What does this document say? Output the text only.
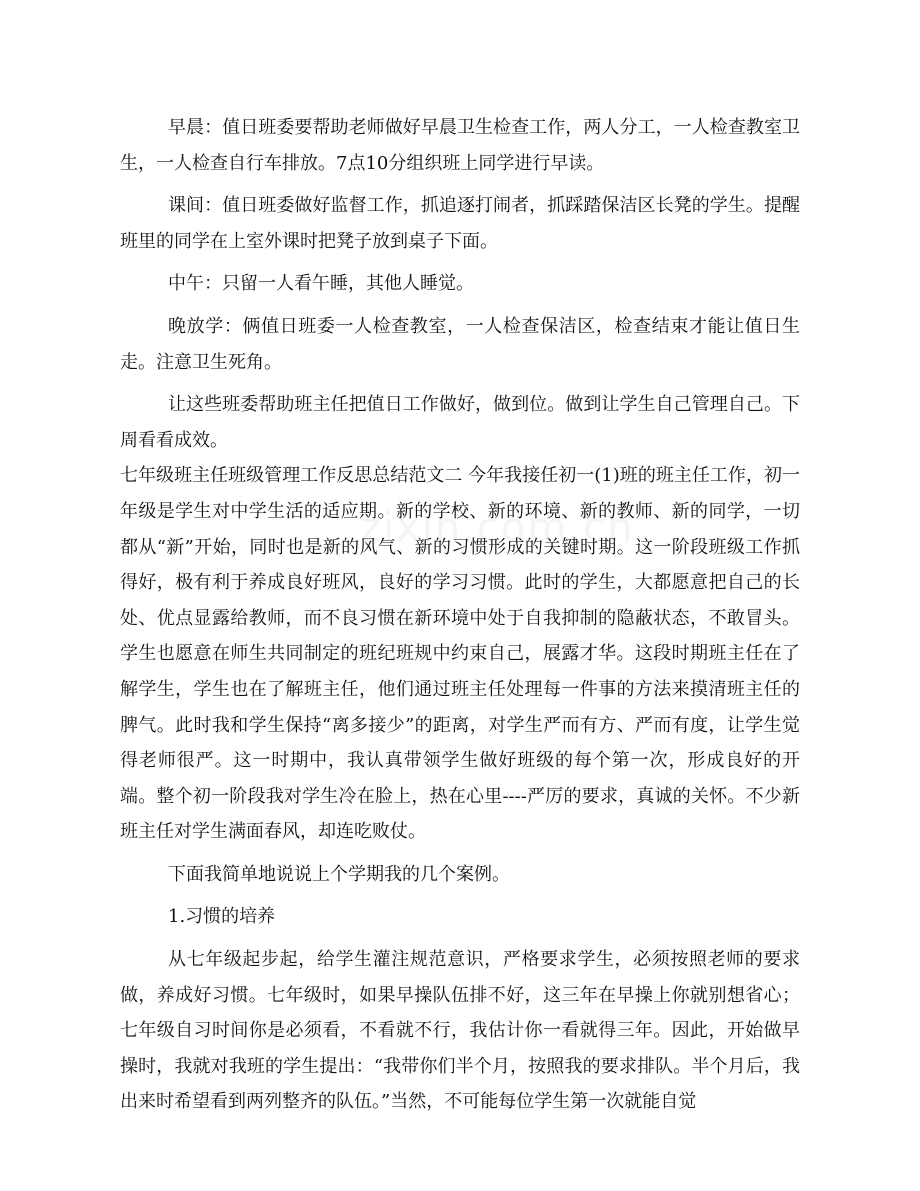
早晨：值日班委要帮助老师做好早晨卫生检查工作，两人分工，一人检查教室卫生，一人检查自行车排放。7点10分组织班上同学进行早读。

课间：值日班委做好监督工作，抓追逐打闹者，抓踩踏保洁区长凳的学生。提醒班里的同学在上室外课时把凳子放到桌子下面。

中午：只留一人看午睡，其他人睡觉。

晚放学：俩值日班委一人检查教室，一人检查保洁区，检查结束才能让值日生走。注意卫生死角。

让这些班委帮助班主任把值日工作做好，做到位。做到让学生自己管理自己。下周看看成效。

七年级班主任班级管理工作反思总结范文二 今年我接任初一(1)班的班主任工作，初一年级是学生对中学生活的适应期。新的学校、新的环境、新的教师、新的同学，一切都从“新”开始，同时也是新的风气、新的习惯形成的关键时期。这一阶段班级工作抓得好，极有利于养成良好班风，良好的学习习惯。此时的学生，大都愿意把自己的长处、优点显露给教师，而不良习惯在新环境中处于自我抑制的隐蔽状态，不敢冒头。学生也愿意在师生共同制定的班纪班规中约束自己，展露才华。这段时期班主任在了解学生，学生也在了解班主任，他们通过班主任处理每一件事的方法来摸清班主任的脾气。此时我和学生保持“离多接少”的距离，对学生严而有方、严而有度，让学生觉得老师很严。这一时期中，我认真带领学生做好班级的每个第一次，形成良好的开端。整个初一阶段我对学生冷在脸上，热在心里----严厉的要求，真诚的关怀。不少新班主任对学生满面春风，却连吃败仗。

下面我简单地说说上个学期我的几个案例。

1.习惯的培养

从七年级起步起，给学生灌注规范意识，严格要求学生，必须按照老师的要求做，养成好习惯。七年级时，如果早操队伍排不好，这三年在早操上你就别想省心；七年级自习时间你是必须看，不看就不行，我估计你一看就得三年。因此，开始做早操时，我就对我班的学生提出：“我带你们半个月，按照我的要求排队。半个月后，我出来时希望看到两列整齐的队伍。”当然，不可能每位学生第一次就能自觉
